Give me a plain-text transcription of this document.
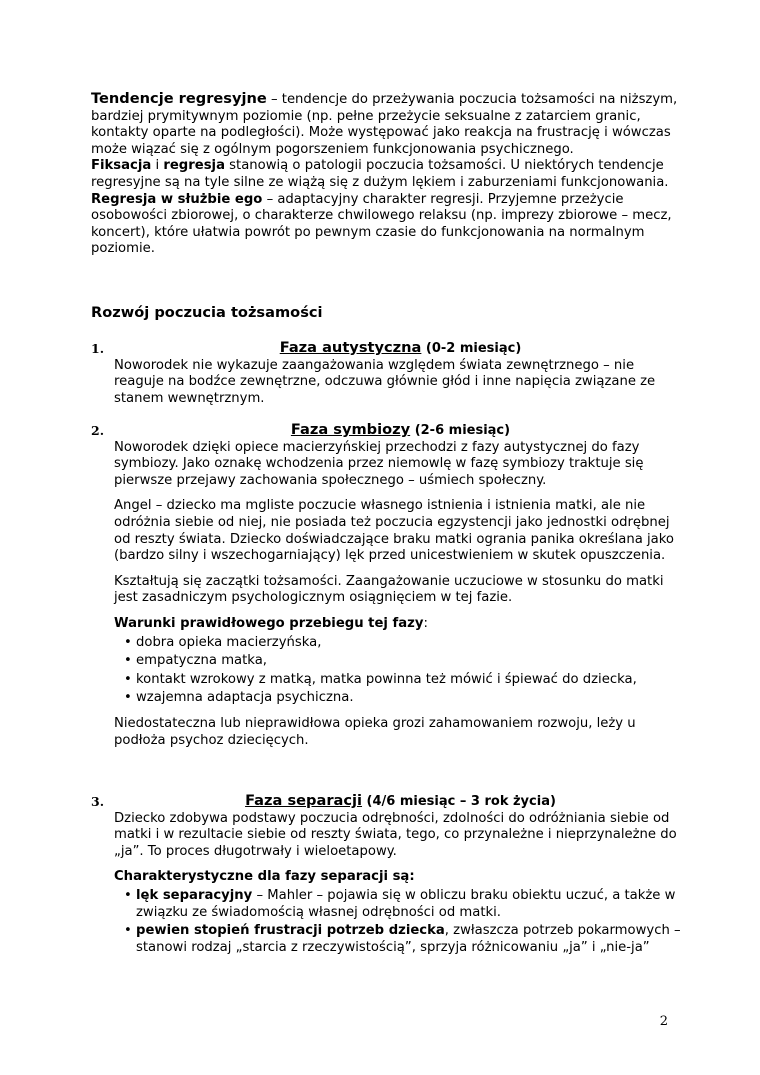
Tendencje regresyjne – tendencje do przeżywania poczucia tożsamości na niższym, bardziej prymitywnym poziomie (np. pełne przeżycie seksualne z zatarciem granic, kontakty oparte na podległości). Może występować jako reakcja na frustrację i wówczas może wiązać się z ogólnym pogorszeniem funkcjonowania psychicznego.

Fiksacja i regresja stanowią o patologii poczucia tożsamości. U niektórych tendencje regresyjne są na tyle silne ze wiążą się z dużym lękiem i zaburzeniami funkcjonowania.

Regresja w służbie ego – adaptacyjny charakter regresji. Przyjemne przeżycie osobowości zbiorowej, o charakterze chwilowego relaksu (np. imprezy zbiorowe – mecz, koncert), które ułatwia powrót po pewnym czasie do funkcjonowania na normalnym poziomie.

Rozwój poczucia tożsamości
1.	Faza autystyczna (0-2 miesiąc)

Noworodek nie wykazuje zaangażowania względem świata zewnętrznego – nie reaguje na bodźce zewnętrzne, odczuwa głównie głód i inne napięcia związane ze stanem wewnętrznym.

2.	Faza symbiozy (2-6 miesiąc)

Noworodek dzięki opiece macierzyńskiej przechodzi z fazy autystycznej do fazy symbiozy. Jako oznakę wchodzenia przez niemowlę w fazę symbiozy traktuje się pierwsze przejawy zachowania społecznego – uśmiech społeczny.

Angel – dziecko ma mgliste poczucie własnego istnienia i istnienia matki, ale nie odróżnia siebie od niej, nie posiada też poczucia egzystencji jako jednostki odrębnej od reszty świata. Dziecko doświadczające braku matki ograniа panika określana jako (bardzo silny i wszechogarniający) lęk przed unicestwieniem w skutek opuszczenia.

Kształtują się zaczątki tożsamości. Zaangażowanie uczuciowe w stosunku do matki jest zasadniczym psychologicznym osiągnięciem w tej fazie.

Warunki prawidłowego przebiegu tej fazy:
• dobra opieka macierzyńska,
• empatyczna matka,
• kontakt wzrokowy z matką, matka powinna też mówić i śpiewać do dziecka,
• wzajemna adaptacja psychiczna.

Niedostateczna lub nieprawidłowa opieka grozi zahamowaniem rozwoju, leży u podłoża psychoz dziecięcych.

3.	Faza separacji (4/6 miesiąc – 3 rok życia)

Dziecko zdobywa podstawy poczucia odrębności, zdolności do odróżniania siebie od matki i w rezultacie siebie od reszty świata, tego, co przynależne i nieprzynależne do „ja”. To proces długotrwały i wieloetapowy.

Charakterystyczne dla fazy separacji są:
• lęk separacyjny – Mahler – pojawia się w obliczu braku obiektu uczuć, a także w związku ze świadomością własnej odrębności od matki.
• pewien stopień frustracji potrzeb dziecka, zwłaszcza potrzeb pokarmowych – stanowi rodzaj „starcia z rzeczywistością”, sprzyja różnicowaniu „ja” i „nie-ja”
2
